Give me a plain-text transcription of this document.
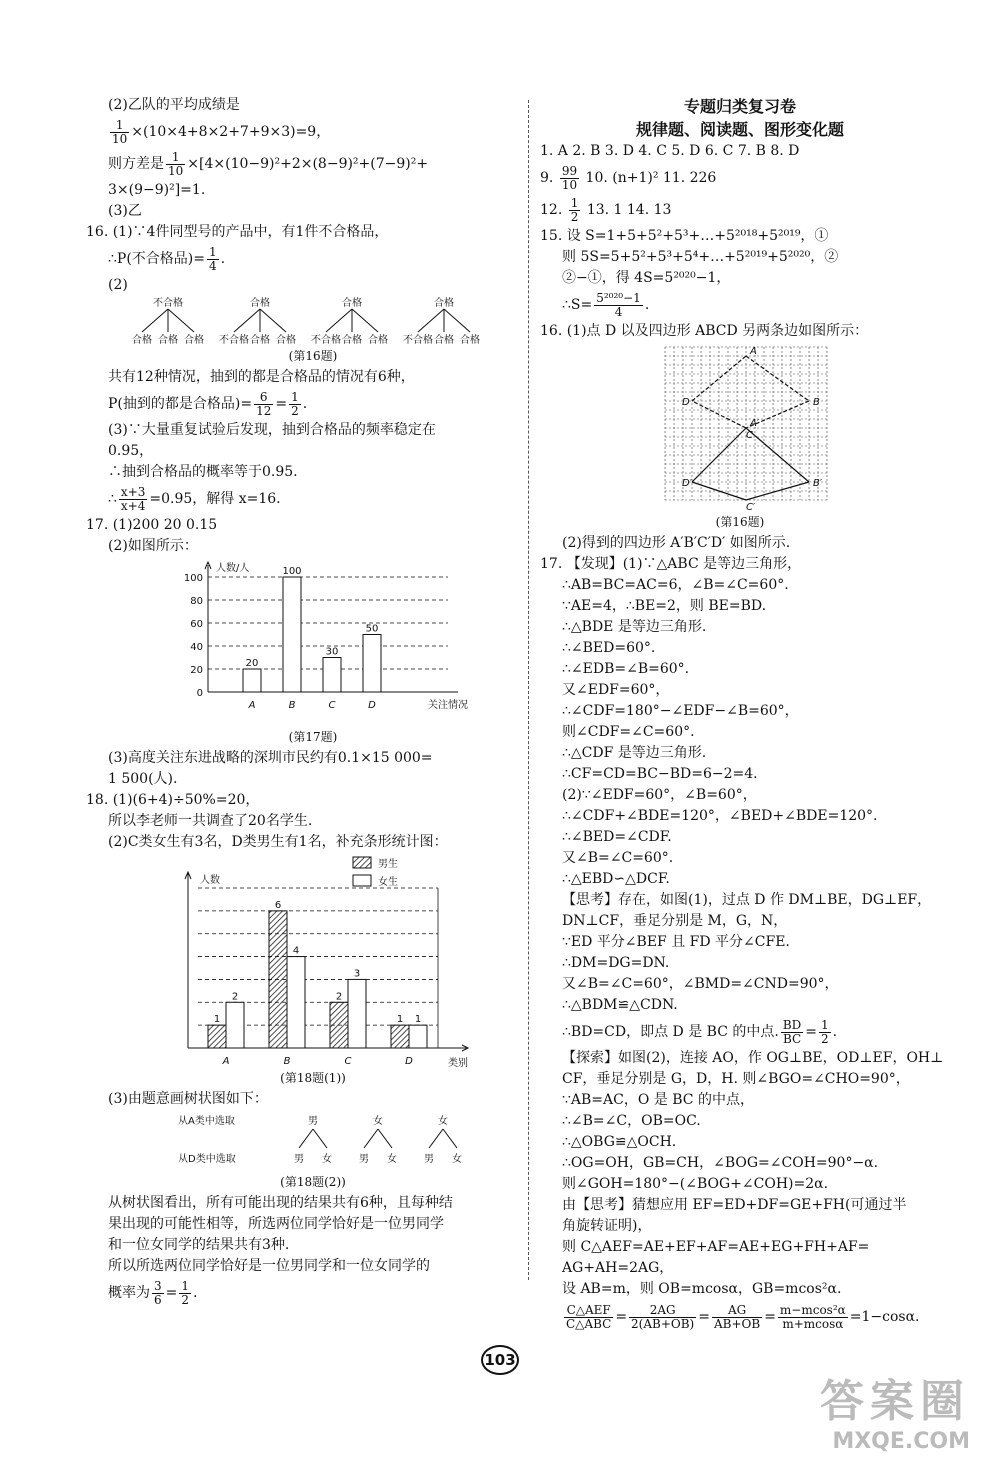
(2)乙队的平均成绩是
$\frac{1}{10} \times(10\times 4+8\times 2+7+9\times 3)=9$，
则方差是 $\frac{1}{10} \times[4\times(10-9)^2+2\times(8-9)^2+(7-9)^2+$
3×(9−9)²]=1.
(3)乙
16. (1)∵4件同型号的产品中，有1件不合格品，
∴P(不合格品)= $\frac{1}{4}$ .
(2)
不合格
合格 合格 合格
合格
不合格 合格 合格
合格
不合格 合格 合格
合格
不合格 合格 合格
(第16题)
共有12种情况，抽到的都是合格品的情况有6种，
P(抽到的都是合格品)= $\frac{6}{12} = \frac{1}{2}$ .
(3)∵大量重复试验后发现，抽到合格品的频率稳定在
0.95，
∴抽到合格品的概率等于0.95.
∴ $\frac{x+3}{x+4} =0.95$，解得 x=16.
17. (1)200 20 0.15
(2)如图所示：
人数/人
0
20
40
60
80
100
20
A
100
B
30
C
50
D	关注情况
(第17题)
(3)高度关注东进战略的深圳市民约有0.1×15 000=
1 500(人).
18. (1)(6+4)÷50%=20，
所以李老师一共调查了20名学生.
(2)C类女生有3名，D类男生有1名，补充条形统计图：
男生
女生
人数
1
2
A
6
4
B
2
3
C
1 1
D	类别
(第18题(1))
(3)由题意画树状图如下：
从A类中选取
从D类中选取
男
男 女
女
男 女
女
男 女
(第18题(2))
从树状图看出，所有可能出现的结果共有6种，且每种结
果出现的可能性相等，所选两位同学恰好是一位男同学
和一位女同学的结果共有3种.
所以所选两位同学恰好是一位男同学和一位女同学的
概率为 $\frac{3}{6} = \frac{1}{2}$ .
专题归类复习卷
规律题、阅读题、图形变化题
1. A 2. B 3. D 4. C 5. D 6. C 7. B 8. D
9. $\frac{99}{10} 10$. (n+1)² 11. 226
12. $\frac{1}{2} 13$. 1 14. 13
15. 设 S=1+5+5²+5³+…+5²⁰¹⁸+5²⁰¹⁹，①
则 5S=5+5²+5³+5⁴+…+5²⁰¹⁹+5²⁰²⁰，②
②−①，得 4S=5²⁰²⁰−1，
∴S= $\frac{\text{5²⁰²⁰−1}}{4}$ .
16. (1)点 D 以及四边形 ABCD 另两条边如图所示：
A
B
C
D
A′
B′
C′
D′
(第16题)
(2)得到的四边形 A′B′C′D′ 如图所示.
17. 【发现】(1)∵△ABC 是等边三角形，
∴AB=BC=AC=6，∠B=∠C=60°.
∵AE=4，∴BE=2，则 BE=BD.
∴△BDE 是等边三角形.
∴∠BED=60°.
∴∠EDB=∠B=60°.
又∠EDF=60°，
∴∠CDF=180°−∠EDF−∠B=60°，
则∠CDF=∠C=60°.
∴△CDF 是等边三角形.
∴CF=CD=BC−BD=6−2=4.
(2)∵∠EDF=60°，∠B=60°，
∴∠CDF+∠BDE=120°，∠BED+∠BDE=120°.
∴∠BED=∠CDF.
又∠B=∠C=60°.
∴△EBD∽△DCF.
【思考】存在，如图(1)，过点 D 作 DM⊥BE，DG⊥EF，
DN⊥CF，垂足分别是 M，G，N，
∵ED 平分∠BEF 且 FD 平分∠CFE.
∴DM=DG=DN.
又∠B=∠C=60°，∠BMD=∠CND=90°，
∴△BDM≌△CDN.
∴BD=CD，即点 D 是 BC 的中点. $\frac{BD}{BC} = \frac{1}{2}$ .
【探索】如图(2)，连接 AO，作 OG⊥BE，OD⊥EF，OH⊥
CF，垂足分别是 G，D，H. 则∠BGO=∠CHO=90°，
∵AB=AC，O 是 BC 的中点，
∴∠B=∠C，OB=OC.
∴△OBG≌△OCH.
∴OG=OH，GB=CH，∠BOG=∠COH=90°−α.
则∠GOH=180°−(∠BOG+∠COH)=2α.
由【思考】猜想应用 EF=ED+DF=GE+FH(可通过半
角旋转证明)，
则 C△AEF=AE+EF+AF=AE+EG+FH+AF=
AG+AH=2AG，
设 AB=m，则 OB=mcosα，GB=mcos²α.
$\frac{\text{C△AEF}}{\text{C△ABC}} = \frac{2AG}{2(AB+OB)} = \frac{AG}{AB+OB} = \frac{\text{m−mcos²α}}{m+mcos\alpha} =1-\cos\alpha$.
103
答案圈
MXQE.COM
